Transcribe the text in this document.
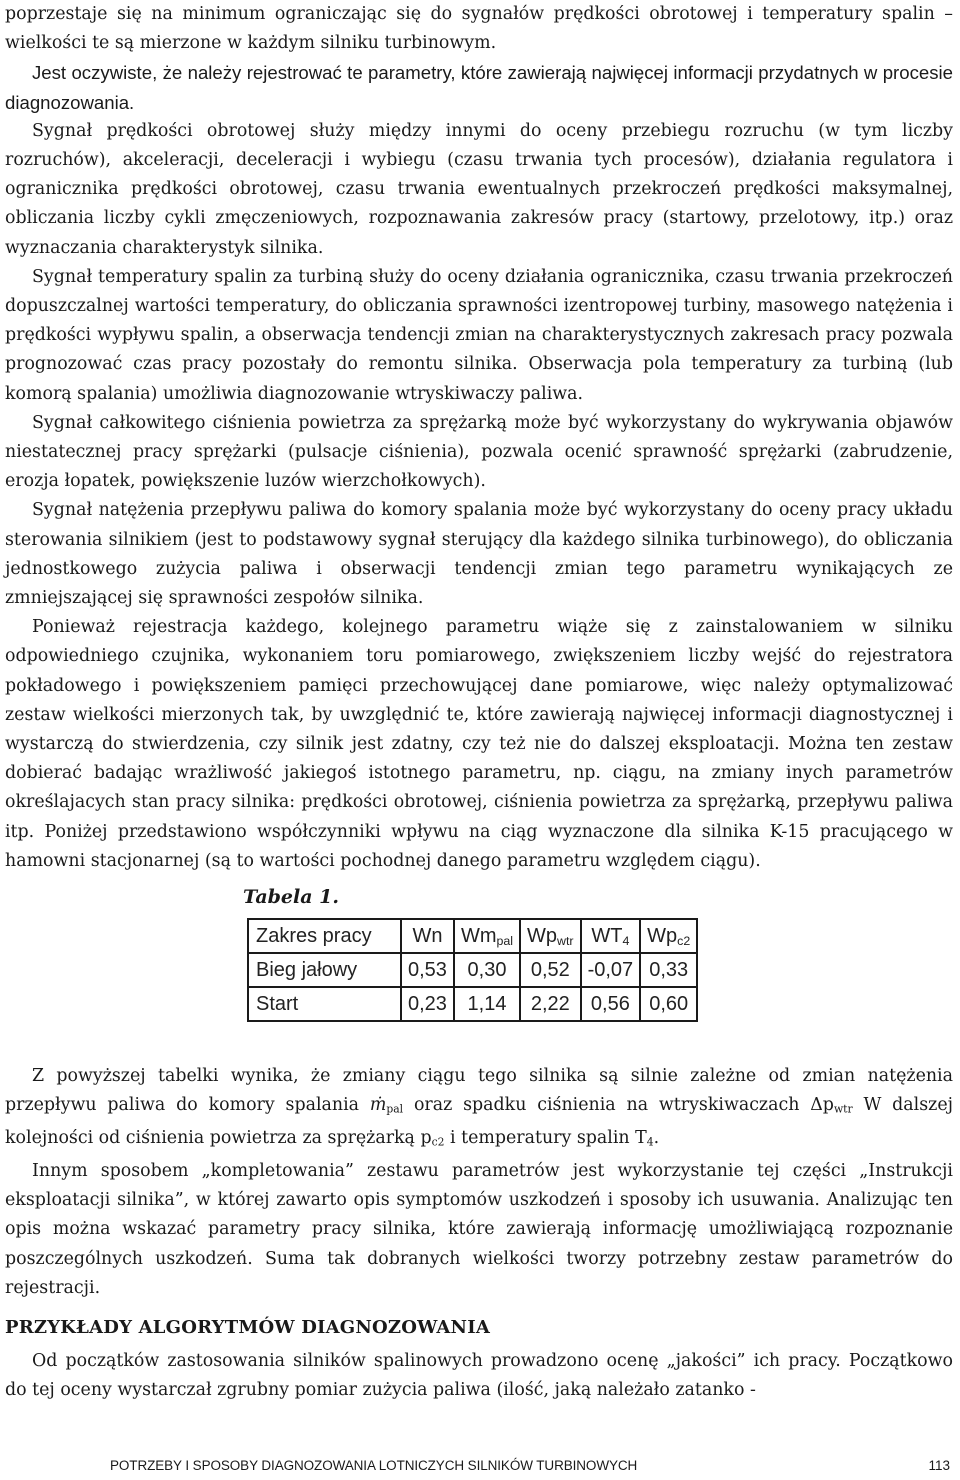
poprzestaje się na minimum ograniczając się do sygnałów prędkości obrotowej i temperatury spalin – wielkości te są mierzone w każdym silniku turbinowym.

Jest oczywiste, że należy rejestrować te parametry, które zawierają najwięcej informacji przydatnych w procesie diagnozowania.

Sygnał prędkości obrotowej służy między innymi do oceny przebiegu rozruchu (w tym liczby rozruchów), akceleracji, deceleracji i wybiegu (czasu trwania tych procesów), działania regulatora i ogranicznika prędkości obrotowej, czasu trwania ewentualnych przekroczeń prędkości maksymalnej, obliczania liczby cykli zmęczeniowych, rozpoznawania zakresów pracy (startowy, przelotowy, itp.) oraz wyznaczania charakterystyk silnika.

Sygnał temperatury spalin za turbiną służy do oceny działania ogranicznika, czasu trwania przekroczeń dopuszczalnej wartości temperatury, do obliczania sprawności izentropowej turbiny, masowego natężenia i prędkości wypływu spalin, a obserwacja tendencji zmian na charakterystycznych zakresach pracy pozwala prognozować czas pracy pozostały do remontu silnika. Obserwacja pola temperatury za turbiną (lub komorą spalania) umożliwia diagnozowanie wtryskiwaczy paliwa.

Sygnał całkowitego ciśnienia powietrza za sprężarką może być wykorzystany do wykrywania objawów niestatecznej pracy sprężarki (pulsacje ciśnienia), pozwala ocenić sprawność sprężarki (zabrudzenie, erozja łopatek, powiększenie luzów wierzchołkowych).

Sygnał natężenia przepływu paliwa do komory spalania może być wykorzystany do oceny pracy układu sterowania silnikiem (jest to podstawowy sygnał sterujący dla każdego silnika turbinowego), do obliczania jednostkowego zużycia paliwa i obserwacji tendencji zmian tego parametru wynikających ze zmniejszającej się sprawności zespołów silnika.

Ponieważ rejestracja każdego, kolejnego parametru wiąże się z zainstalowaniem w silniku odpowiedniego czujnika, wykonaniem toru pomiarowego, zwiększeniem liczby wejść do rejestratora pokładowego i powiększeniem pamięci przechowującej dane pomiarowe, więc należy optymalizować zestaw wielkości mierzonych tak, by uwzględnić te, które zawierają najwięcej informacji diagnostycznej i wystarczą do stwierdzenia, czy silnik jest zdatny, czy też nie do dalszej eksploatacji. Można ten zestaw dobierać badając wrażliwość jakiegoś istotnego parametru, np. ciągu, na zmiany inych parametrów określajacych stan pracy silnika: prędkości obrotowej, ciśnienia powietrza za sprężarką, przepływu paliwa itp. Poniżej przedstawiono współczynniki wpływu na ciąg wyznaczone dla silnika K-15 pracującego w hamowni stacjonarnej (są to wartości pochodnej danego parametru względem ciągu).

Tabela 1.
Zakres pracy	Wn	$Wm_{pal}$	$Wp_{wtr}$	$WT_4$	$Wp_{c2}$
Bieg jałowy	0,53	0,30	0,52	-0,07	0,33
Start	0,23	1,14	2,22	0,56	0,60

Z powyższej tabelki wynika, że zmiany ciągu tego silnika są silnie zależne od zmian natężenia przepływu paliwa do komory spalania ṁ$_{pal}$ oraz spadku ciśnienia na wtryskiwaczach $\Delta p_{wtr}$ W dalszej kolejności od ciśnienia powietrza za sprężarką $p_{c2}$ i temperatury spalin $T_4$.

Innym sposobem „kompletowania” zestawu parametrów jest wykorzystanie tej części „Instrukcji eksploatacji silnika”, w której zawarto opis symptomów uszkodzeń i sposoby ich usuwania. Analizując ten opis można wskazać parametry pracy silnika, które zawierają informację umożliwiającą rozpoznanie poszczególnych uszkodzeń. Suma tak dobranych wielkości tworzy potrzebny zestaw parametrów do rejestracji.

PRZYKŁADY ALGORYTMÓW DIAGNOZOWANIA

Od początków zastosowania silników spalinowych prowadzono ocenę „jakości” ich pracy. Początkowo do tej oceny wystarczał zgrubny pomiar zużycia paliwa (ilość, jaką należało zatanko -

POTRZEBY I SPOSOBY DIAGNOZOWANIA LOTNICZYCH SILNIKÓW TURBINOWYCH	113
